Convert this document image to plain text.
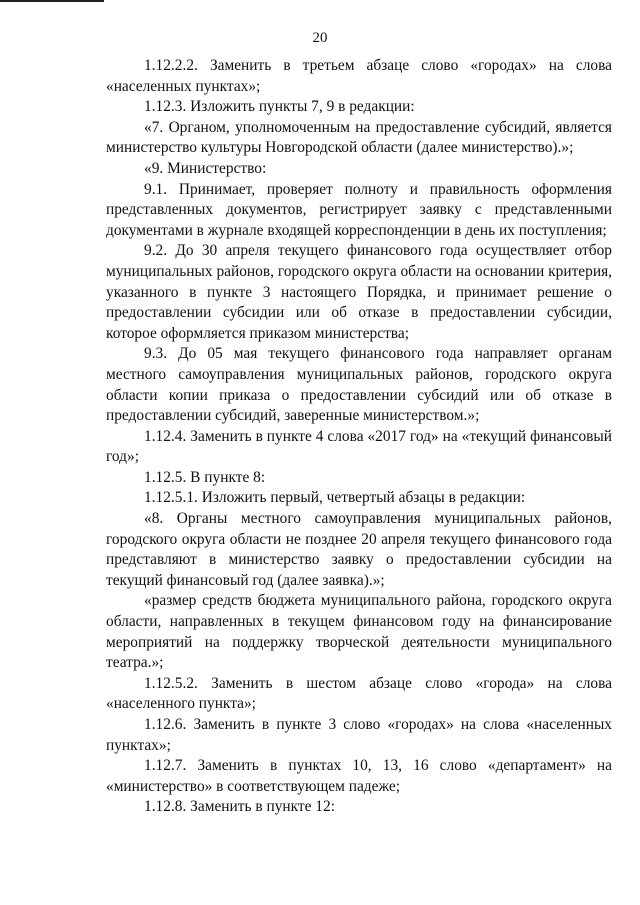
20

1.12.2.2. Заменить в третьем абзаце слово «городах» на слова «населенных пунктах»;

1.12.3. Изложить пункты 7, 9 в редакции:

«7. Органом, уполномоченным на предоставление субсидий, является министерство культуры Новгородской области (далее министерство).»;

«9. Министерство:

9.1. Принимает, проверяет полноту и правильность оформления представленных документов, регистрирует заявку с представленными документами в журнале входящей корреспонденции в день их поступления;

9.2. До 30 апреля текущего финансового года осуществляет отбор муниципальных районов, городского округа области на основании критерия, указанного в пункте 3 настоящего Порядка, и принимает решение о предоставлении субсидии или об отказе в предоставлении субсидии, которое оформляется приказом министерства;

9.3. До 05 мая текущего финансового года направляет органам местного самоуправления муниципальных районов, городского округа области копии приказа о предоставлении субсидий или об отказе в предоставлении субсидий, заверенные министерством.»;

1.12.4. Заменить в пункте 4 слова «2017 год» на «текущий финансовый год»;

1.12.5. В пункте 8:

1.12.5.1. Изложить первый, четвертый абзацы в редакции:

«8. Органы местного самоуправления муниципальных районов, городского округа области не позднее 20 апреля текущего финансового года представляют в министерство заявку о предоставлении субсидии на текущий финансовый год (далее заявка).»;

«размер средств бюджета муниципального района, городского округа области, направленных в текущем финансовом году на финансирование мероприятий на поддержку творческой деятельности муниципального театра.»;

1.12.5.2. Заменить в шестом абзаце слово «города» на слова «населенного пункта»;

1.12.6. Заменить в пункте 3 слово «городах» на слова «населенных пунктах»;

1.12.7. Заменить в пунктах 10, 13, 16 слово «департамент» на «министерство» в соответствующем падеже;

1.12.8. Заменить в пункте 12:
